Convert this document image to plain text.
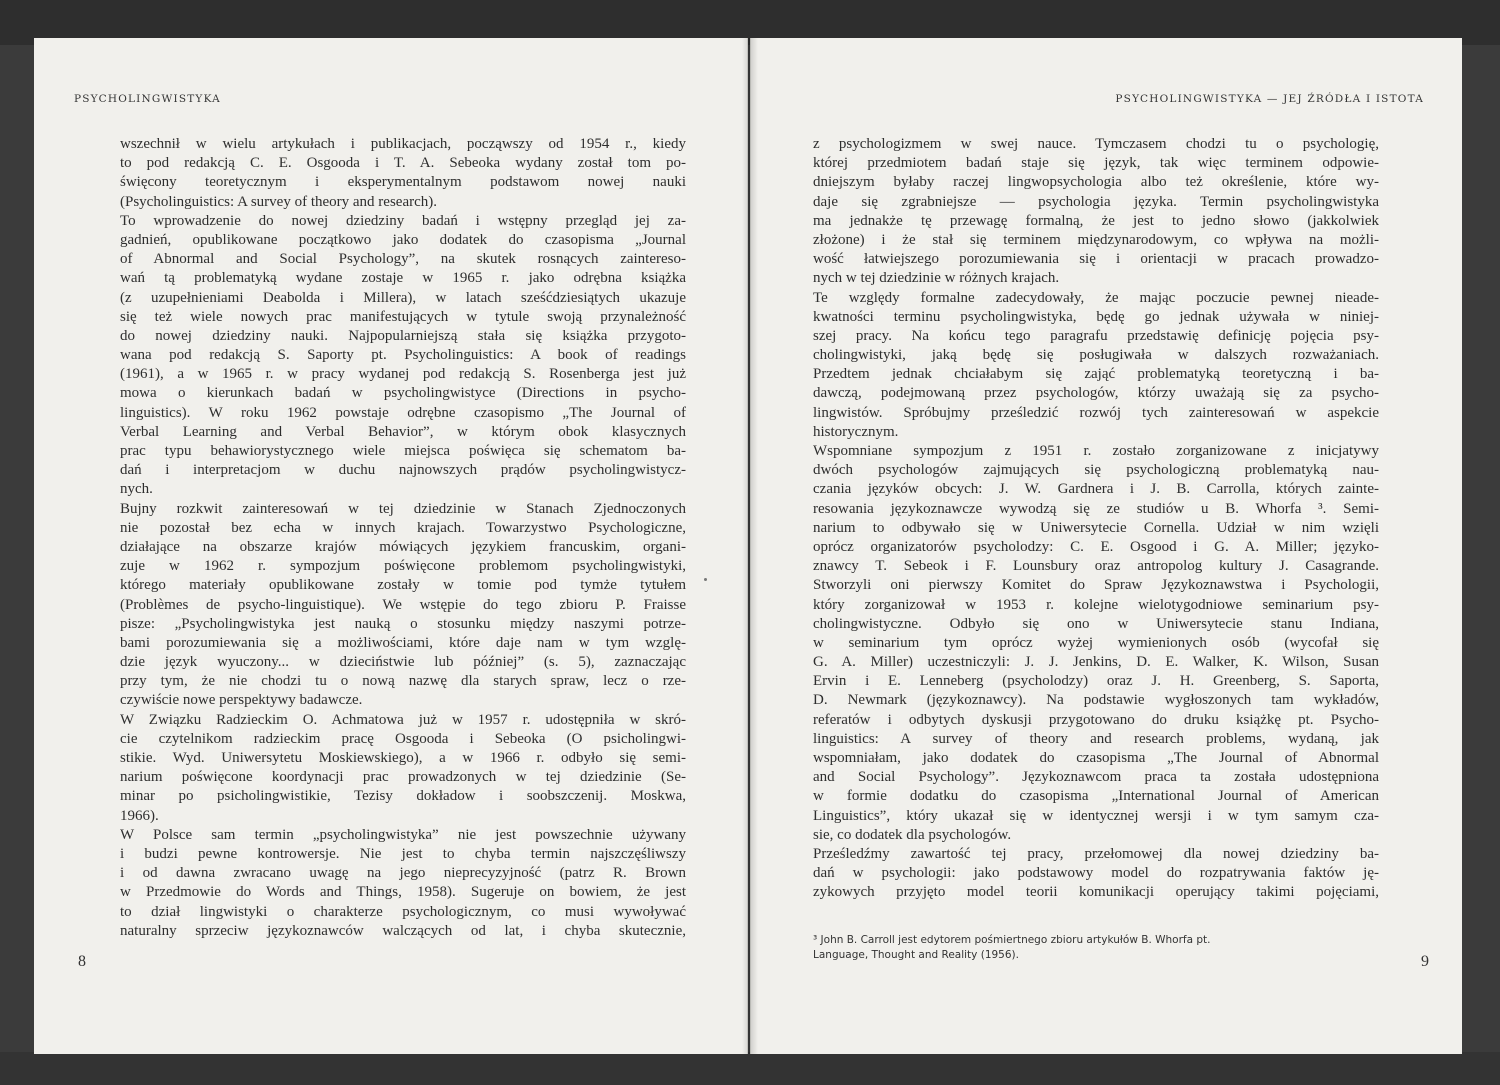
PSYCHOLINGWISTYKA
wszechnił w wielu artykułach i publikacjach, począwszy od 1954 r., kiedy
to pod redakcją C. E. Osgooda i T. A. Sebeoka wydany został tom po-
święcony teoretycznym i eksperymentalnym podstawom nowej nauki
(Psycholinguistics: A survey of theory and research).
To wprowadzenie do nowej dziedziny badań i wstępny przegląd jej za-
gadnień, opublikowane początkowo jako dodatek do czasopisma „Journal
of Abnormal and Social Psychology”, na skutek rosnących zaintereso-
wań tą problematyką wydane zostaje w 1965 r. jako odrębna książka
(z uzupełnieniami Deabolda i Millera), w latach sześćdziesiątych ukazuje
się też wiele nowych prac manifestujących w tytule swoją przynależność
do nowej dziedziny nauki. Najpopularniejszą stała się książka przygoto-
wana pod redakcją S. Saporty pt. Psycholinguistics: A book of readings
(1961), a w 1965 r. w pracy wydanej pod redakcją S. Rosenberga jest już
mowa o kierunkach badań w psycholingwistyce (Directions in psycho-
linguistics). W roku 1962 powstaje odrębne czasopismo „The Journal of
Verbal Learning and Verbal Behavior”, w którym obok klasycznych
prac typu behawiorystycznego wiele miejsca poświęca się schematom ba-
dań i interpretacjom w duchu najnowszych prądów psycholingwistycz-
nych.
Bujny rozkwit zainteresowań w tej dziedzinie w Stanach Zjednoczonych
nie pozostał bez echa w innych krajach. Towarzystwo Psychologiczne,
działające na obszarze krajów mówiących językiem francuskim, organi-
zuje w 1962 r. sympozjum poświęcone problemom psycholingwistyki,
którego materiały opublikowane zostały w tomie pod tymże tytułem
(Problèmes de psycho-linguistique). We wstępie do tego zbioru P. Fraisse
pisze: „Psycholingwistyka jest nauką o stosunku między naszymi potrze-
bami porozumiewania się a możliwościami, które daje nam w tym wzglę-
dzie język wyuczony... w dzieciństwie lub później” (s. 5), zaznaczając
przy tym, że nie chodzi tu o nową nazwę dla starych spraw, lecz o rze-
czywiście nowe perspektywy badawcze.
W Związku Radzieckim O. Achmatowa już w 1957 r. udostępniła w skró-
cie czytelnikom radzieckim pracę Osgooda i Sebeoka (O psicholingwi-
stikie. Wyd. Uniwersytetu Moskiewskiego), a w 1966 r. odbyło się semi-
narium poświęcone koordynacji prac prowadzonych w tej dziedzinie (Se-
minar po psicholingwistikie, Tezisy dokładow i soobszczenij. Moskwa,
1966).
W Polsce sam termin „psycholingwistyka” nie jest powszechnie używany
i budzi pewne kontrowersje. Nie jest to chyba termin najszczęśliwszy
i od dawna zwracano uwagę na jego nieprecyzyjność (patrz R. Brown
w Przedmowie do Words and Things, 1958). Sugeruje on bowiem, że jest
to dział lingwistyki o charakterze psychologicznym, co musi wywoływać
naturalny sprzeciw językoznawców walczących od lat, i chyba skutecznie,
8
PSYCHOLINGWISTYKA — JEJ ŹRÓDŁA I ISTOTA
z psychologizmem w swej nauce. Tymczasem chodzi tu o psychologię,
której przedmiotem badań staje się język, tak więc terminem odpowie-
dniejszym byłaby raczej lingwopsychologia albo też określenie, które wy-
daje się zgrabniejsze — psychologia języka. Termin psycholingwistyka
ma jednakże tę przewagę formalną, że jest to jedno słowo (jakkolwiek
złożone) i że stał się terminem międzynarodowym, co wpływa na możli-
wość łatwiejszego porozumiewania się i orientacji w pracach prowadzo-
nych w tej dziedzinie w różnych krajach.
Te względy formalne zadecydowały, że mając poczucie pewnej nieade-
kwatności terminu psycholingwistyka, będę go jednak używała w niniej-
szej pracy. Na końcu tego paragrafu przedstawię definicję pojęcia psy-
cholingwistyki, jaką będę się posługiwała w dalszych rozważaniach.
Przedtem jednak chciałabym się zająć problematyką teoretyczną i ba-
dawczą, podejmowaną przez psychologów, którzy uważają się za psycho-
lingwistów. Spróbujmy prześledzić rozwój tych zainteresowań w aspekcie
historycznym.
Wspomniane sympozjum z 1951 r. zostało zorganizowane z inicjatywy
dwóch psychologów zajmujących się psychologiczną problematyką nau-
czania języków obcych: J. W. Gardnera i J. B. Carrolla, których zainte-
resowania językoznawcze wywodzą się ze studiów u B. Whorfa ³. Semi-
narium to odbywało się w Uniwersytecie Cornella. Udział w nim wzięli
oprócz organizatorów psycholodzy: C. E. Osgood i G. A. Miller; języko-
znawcy T. Sebeok i F. Lounsbury oraz antropolog kultury J. Casagrande.
Stworzyli oni pierwszy Komitet do Spraw Językoznawstwa i Psychologii,
który zorganizował w 1953 r. kolejne wielotygodniowe seminarium psy-
cholingwistyczne. Odbyło się ono w Uniwersytecie stanu Indiana,
w seminarium tym oprócz wyżej wymienionych osób (wycofał się
G. A. Miller) uczestniczyli: J. J. Jenkins, D. E. Walker, K. Wilson, Susan
Ervin i E. Lenneberg (psycholodzy) oraz J. H. Greenberg, S. Saporta,
D. Newmark (językoznawcy). Na podstawie wygłoszonych tam wykładów,
referatów i odbytych dyskusji przygotowano do druku książkę pt. Psycho-
linguistics: A survey of theory and research problems, wydaną, jak
wspomniałam, jako dodatek do czasopisma „The Journal of Abnormal
and Social Psychology”. Językoznawcom praca ta została udostępniona
w formie dodatku do czasopisma „International Journal of American
Linguistics”, który ukazał się w identycznej wersji i w tym samym cza-
sie, co dodatek dla psychologów.
Prześledźmy zawartość tej pracy, przełomowej dla nowej dziedziny ba-
dań w psychologii: jako podstawowy model do rozpatrywania faktów ję-
zykowych przyjęto model teorii komunikacji operujący takimi pojęciami,
³ John B. Carroll jest edytorem pośmiertnego zbioru artykułów B. Whorfa pt.
Language, Thought and Reality (1956).	9
